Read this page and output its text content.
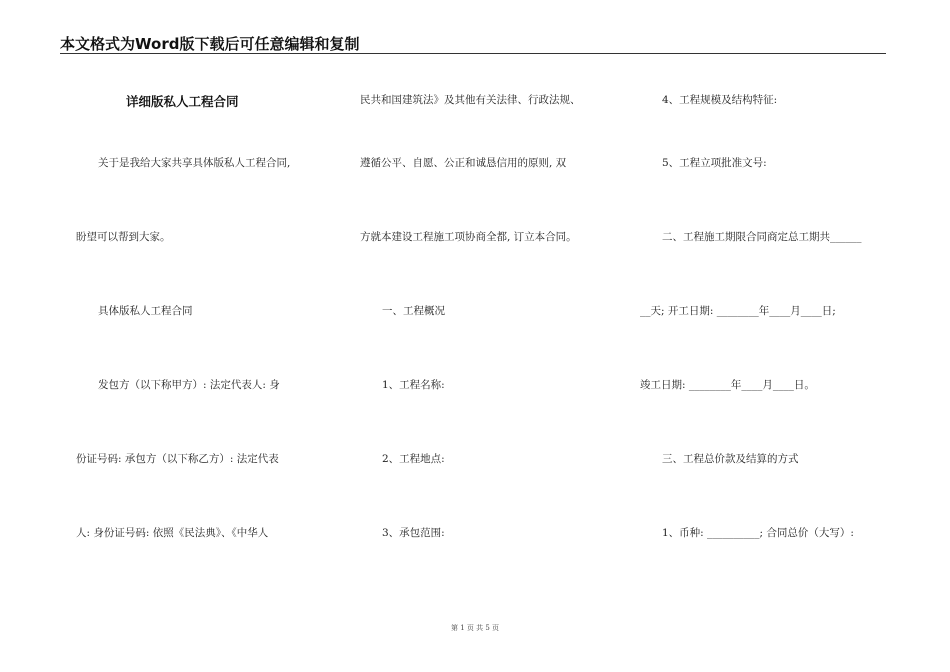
本文格式为Word版下载后可任意编辑和复制
详细版私人工程合同
关于是我给大家共享具体版私人工程合同,
盼望可以帮到大家。
具体版私人工程合同
发包方（以下称甲方）: 法定代表人: 身
份证号码: 承包方（以下称乙方）: 法定代表
人: 身份证号码: 依照《民法典》、《中华人
民共和国建筑法》及其他有关法律、行政法规、
遵循公平、自愿、公正和诚恳信用的原则, 双
方就本建设工程施工项协商全都, 订立本合同。
一、工程概况
1、工程名称:
2、工程地点:
3、承包范围:
4、工程规模及结构特征:
5、工程立项批准文号:
二、工程施工期限合同商定总工期共______
__天; 开工日期: ________年____月____日;
竣工日期: ________年____月____日。
三、工程总价款及结算的方式
1、币种: __________; 合同总价（大写）:
第 1 页 共 5 页
